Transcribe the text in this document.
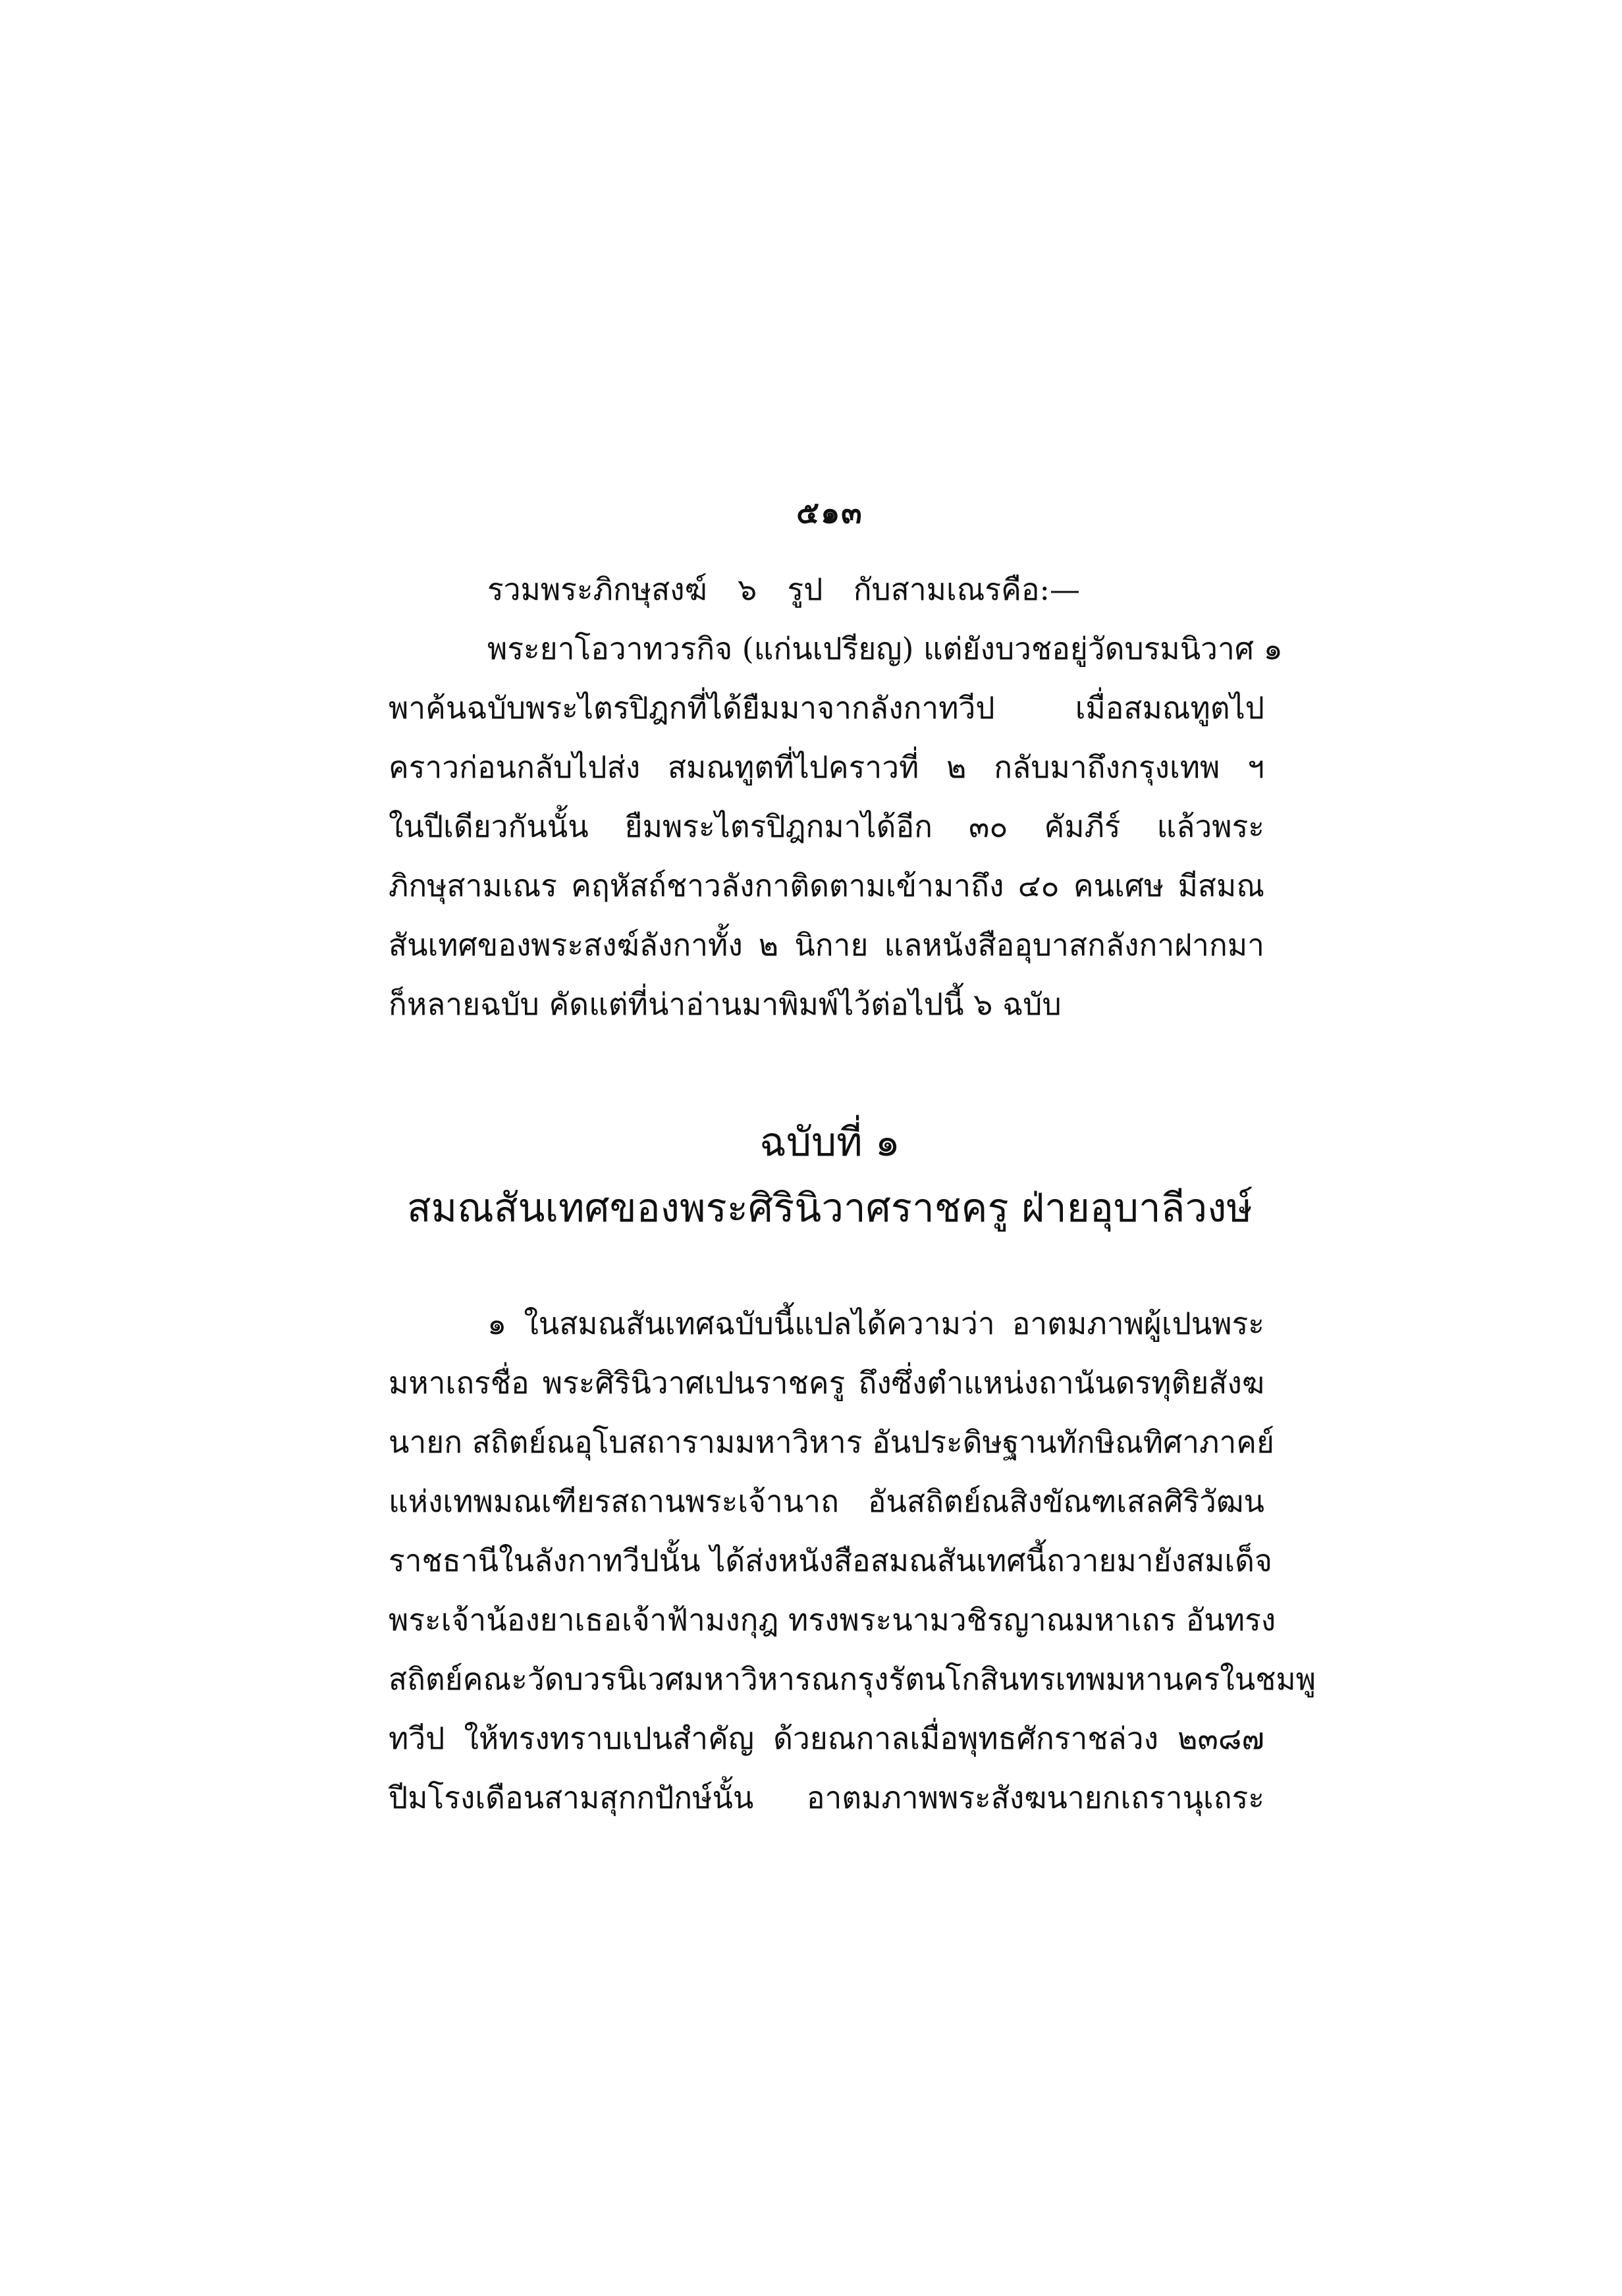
๕๑๓
รวมพระภิกษุสงฆ์ ๖ รูป กับสามเณรคือ:—
พระยาโอวาทวรกิจ (แก่นเปรียญ) แต่ยังบวชอยู่วัดบรมนิวาศ ๑
พาค้นฉบับพระไตรปิฎกที่ได้ยืมมาจากลังกาทวีป เมื่อสมณทูตไป
คราวก่อนกลับไปส่ง สมณทูตที่ไปคราวที่ ๒ กลับมาถึงกรุงเทพ ฯ
ในปีเดียวกันนั้น ยืมพระไตรปิฎกมาได้อีก ๓๐ คัมภีร์ แล้วพระ
ภิกษุสามเณร คฤหัสถ์ชาวลังกาติดตามเข้ามาถึง ๔๐ คนเศษ มีสมณ
สันเทศของพระสงฆ์ลังกาทั้ง ๒ นิกาย แลหนังสืออุบาสกลังกาฝากมา
ก็หลายฉบับ คัดแต่ที่น่าอ่านมาพิมพ์ไว้ต่อไปนี้ ๖ ฉบับ
ฉบับที่ ๑
สมณสันเทศของพระศิรินิวาศราชครู ฝ่ายอุบาลีวงษ์
๑ ในสมณสันเทศฉบับนี้แปลได้ความว่า อาตมภาพผู้เปนพระ
มหาเถรชื่อ พระศิรินิวาศเปนราชครู ถึงซึ่งตำแหน่งถานันดรทุติยสังฆ
นายก สถิตย์ณอุโบสถารามมหาวิหาร อันประดิษฐานทักษิณทิศาภาคย์
แห่งเทพมณเฑียรสถานพระเจ้านาถ อันสถิตย์ณสิงขัณฑเสลศิริวัฒน
ราชธานีในลังกาทวีปนั้น ได้ส่งหนังสือสมณสันเทศนี้ถวายมายังสมเด็จ
พระเจ้าน้องยาเธอเจ้าฟ้ามงกุฎ ทรงพระนามวชิรญาณมหาเถร อันทรง
สถิตย์คณะวัดบวรนิเวศมหาวิหารณกรุงรัตนโกสินทรเทพมหานครในชมพู
ทวีป ให้ทรงทราบเปนสำคัญ ด้วยณกาลเมื่อพุทธศักราชล่วง ๒๓๘๗
ปีมโรงเดือนสามสุกกปักษ์นั้น อาตมภาพพระสังฆนายกเถรานุเถระ
